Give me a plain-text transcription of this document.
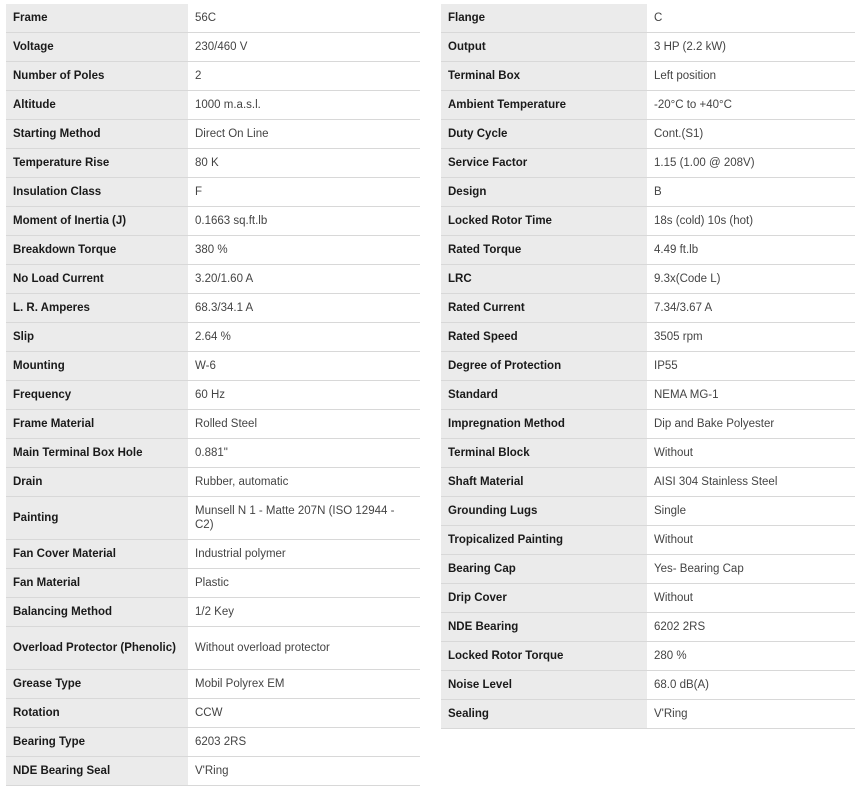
Frame	56C
Voltage	230/460 V
Number of Poles	2
Altitude	1000 m.a.s.l.
Starting Method	Direct On Line
Temperature Rise	80 K
Insulation Class	F
Moment of Inertia (J)	0.1663 sq.ft.lb
Breakdown Torque	380 %
No Load Current	3.20/1.60 A
L. R. Amperes	68.3/34.1 A
Slip	2.64 %
Mounting	W-6
Frequency	60 Hz
Frame Material	Rolled Steel
Main Terminal Box Hole	0.881"
Drain	Rubber, automatic
Painting	Munsell N 1 - Matte 207N (ISO 12944 - C2)
Fan Cover Material	Industrial polymer
Fan Material	Plastic
Balancing Method	1/2 Key
Overload Protector (Phenolic)	Without overload protector
Grease Type	Mobil Polyrex EM
Rotation	CCW
Bearing Type	6203 2RS
NDE Bearing Seal	V'Ring
Flange	C
Output	3 HP (2.2 kW)
Terminal Box	Left position
Ambient Temperature	-20°C to +40°C
Duty Cycle	Cont.(S1)
Service Factor	1.15 (1.00 @ 208V)
Design	B
Locked Rotor Time	18s (cold) 10s (hot)
Rated Torque	4.49 ft.lb
LRC	9.3x(Code L)
Rated Current	7.34/3.67 A
Rated Speed	3505 rpm
Degree of Protection	IP55
Standard	NEMA MG-1
Impregnation Method	Dip and Bake Polyester
Terminal Block	Without
Shaft Material	AISI 304 Stainless Steel
Grounding Lugs	Single
Tropicalized Painting	Without
Bearing Cap	Yes- Bearing Cap
Drip Cover	Without
NDE Bearing	6202 2RS
Locked Rotor Torque	280 %
Noise Level	68.0 dB(A)
Sealing	V'Ring
